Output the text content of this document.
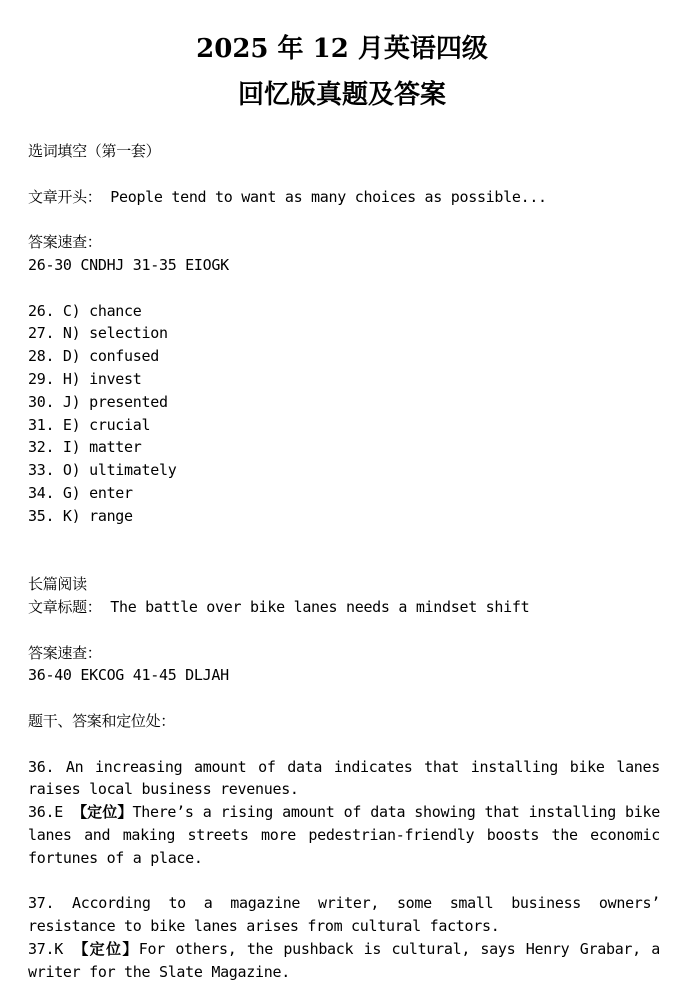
2025 年 12 月英语四级
回忆版真题及答案
选词填空（第一套）
文章开头： People tend to want as many choices as possible...
答案速查：
26-30 CNDHJ 31-35 EIOGK
26. C) chance
27. N) selection
28. D) confused
29. H) invest
30. J) presented
31. E) crucial
32. I) matter
33. O) ultimately
34. G) enter
35. K) range
长篇阅读
文章标题： The battle over bike lanes needs a mindset shift
答案速查：
36-40 EKCOG 41-45 DLJAH
题干、答案和定位处：
36. An increasing amount of data indicates that installing bike lanes raises local business revenues.
36.E 【定位】There’s a rising amount of data showing that installing bike lanes and making streets more pedestrian-friendly boosts the economic fortunes of a place.
37. According to a magazine writer, some small business owners’ resistance to bike lanes arises from cultural factors.
37.K 【定位】For others, the pushback is cultural, says Henry Grabar, a writer for the Slate Magazine.
